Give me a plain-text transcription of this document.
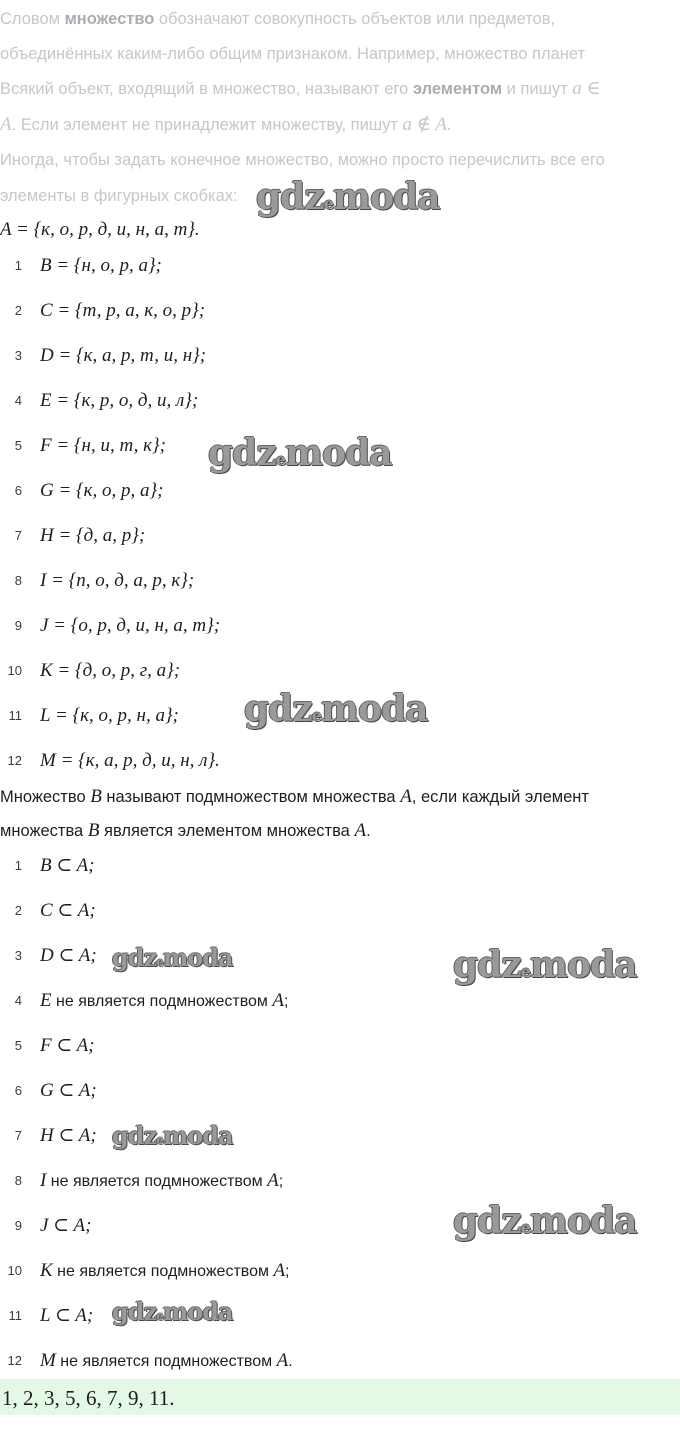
Словом множество обозначают совокупность объектов или предметов,
объединённых каким-либо общим признаком. Например, множество планет
Всякий объект, входящий в множество, называют его элементом и пишут a ∈
A. Если элемент не принадлежит множеству, пишут a ∉ A.
Иногда, чтобы задать конечное множество, можно просто перечислить все его
элементы в фигурных скобках:
A = {к, о, р, д, и, н, а, т}.
1 B = {н, о, р, а};
2 C = {т, р, а, к, о, р};
3 D = {к, а, р, т, и, н};
4 E = {к, р, о, д, и, л};
5 F = {н, и, т, к};
6 G = {к, о, р, а};
7 H = {д, а, р};
8 I = {п, о, д, а, р, к};
9 J = {о, р, д, и, н, а, т};
10 K = {д, о, р, г, а};
11 L = {к, о, р, н, а};
12 M = {к, а, р, д, и, н, л}.
Множество B называют подмножеством множества A, если каждый элемент
множества B является элементом множества A.
1 B ⊂ A;
2 C ⊂ A;
3 D ⊂ A;
4 E не является подмножеством A;
5 F ⊂ A;
6 G ⊂ A;
7 H ⊂ A;
8 I не является подмножеством A;
9 J ⊂ A;
10 K не является подмножеством A;
11 L ⊂ A;
12 M не является подмножеством A.
1, 2, 3, 5, 6, 7, 9, 11.
gdzemoda
gdzemoda
gdzemoda
gdzemoda	gdzemoda
gdzemoda
gdzemoda
gdzemoda
